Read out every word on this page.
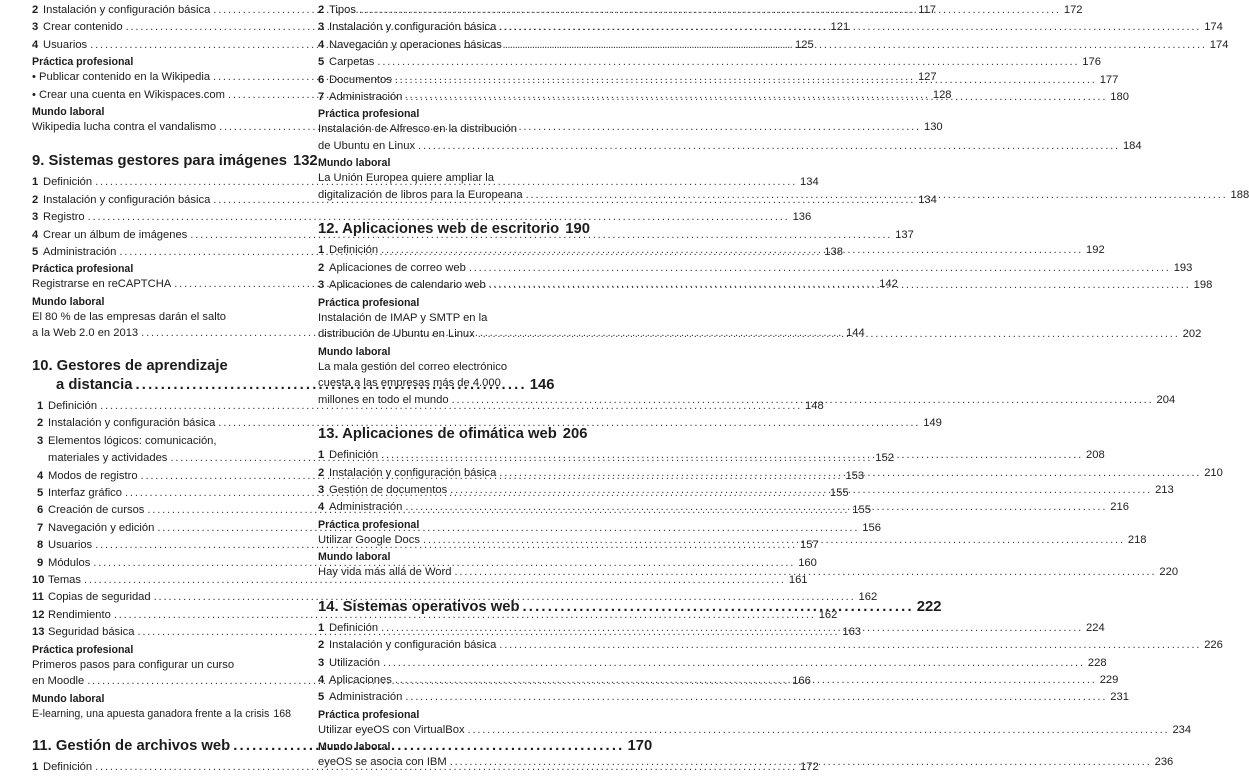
2 Instalación y configuración básica .....	117
3 Crear contenido .....	121
4 Usuarios .....	125
Práctica profesional
• Publicar contenido en la Wikipedia .....	127
• Crear una cuenta en Wikispaces.com .....	128
Mundo laboral
Wikipedia lucha contra el vandalismo .....	130
9. Sistemas gestores para imágenes 132
1 Definición .....	134
2 Instalación y configuración básica .....	134
3 Registro .....	136
4 Crear un álbum de imágenes .....	137
5 Administración .....	138
Práctica profesional
Registrarse en reCAPTCHA .....	142
Mundo laboral
El 80 % de las empresas darán el salto
a la Web 2.0 en 2013 .....	144
10. Gestores de aprendizaje
a distancia .....	146
1 Definición .....	148
2 Instalación y configuración básica .....	149
3 Elementos lógicos: comunicación,
materiales y actividades .....	152
4 Modos de registro .....	153
5 Interfaz gráfico .....	155
6 Creación de cursos .....	155
7 Navegación y edición .....	156
8 Usuarios .....	157
9 Módulos .....	160
10 Temas .....	161
11 Copias de seguridad .....	162
12 Rendimiento .....	162
13 Seguridad básica .....	163
Práctica profesional
Primeros pasos para configurar un curso
en Moodle .....	166
Mundo laboral
E-learning, una apuesta ganadora frente a la crisis 168
11. Gestión de archivos web .....	170
1 Definición .....	172
2 Tipos .....	172
3 Instalación y configuración básica .....	174
4 Navegación y operaciones básicas .....	174
5 Carpetas .....	176
6 Documentos .....	177
7 Administración .....	180
Práctica profesional
Instalación de Alfresco en la distribución
de Ubuntu en Linux .....	184
Mundo laboral
La Unión Europea quiere ampliar la
digitalización de libros para la Europeana .....	188
12. Aplicaciones web de escritorio 190
1 Definición .....	192
2 Aplicaciones de correo web .....	193
3 Aplicaciones de calendario web .....	198
Práctica profesional
Instalación de IMAP y SMTP en la
distribución de Ubuntu en Linux .....	202
Mundo laboral
La mala gestión del correo electrónico
cuesta a las empresas más de 4.000
millones en todo el mundo .....	204
13. Aplicaciones de ofimática web 206
1 Definición .....	208
2 Instalación y configuración básica .....	210
3 Gestión de documentos .....	213
4 Administración .....	216
Práctica profesional
Utilizar Google Docs .....	218
Mundo laboral
Hay vida más allá de Word .....	220
14. Sistemas operativos web .....	222
1 Definición .....	224
2 Instalación y configuración básica .....	226
3 Utilización .....	228
4 Aplicaciones .....	229
5 Administración .....	231
Práctica profesional
Utilizar eyeOS con VirtualBox .....	234
Mundo laboral
eyeOS se asocia con IBM .....	236
